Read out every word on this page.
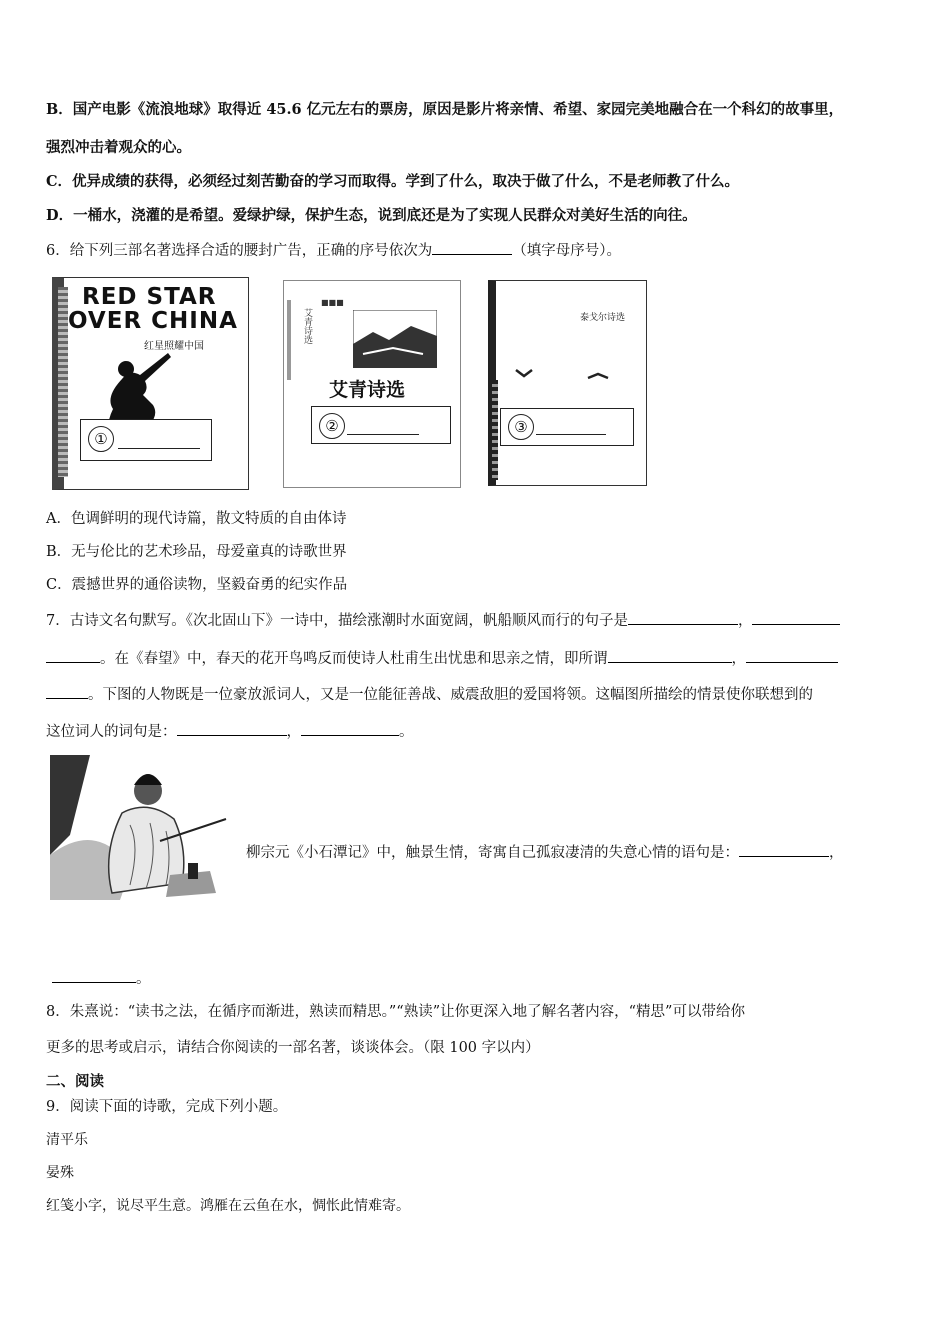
B．国产电影《流浪地球》取得近 45.6 亿元左右的票房，原因是影片将亲情、希望、家园完美地融合在一个科幻的故事里，
强烈冲击着观众的心。
C．优异成绩的获得，必须经过刻苦勤奋的学习而取得。学到了什么，取决于做了什么，不是老师教了什么。
D．一桶水，浇灌的是希望。爱绿护绿，保护生态，说到底还是为了实现人民群众对美好生活的向往。
6．给下列三部名著选择合适的腰封广告，正确的序号依次为	（填字母序号）。
RED STAR
OVER CHINA
红星照耀中国
①
■■■
艾青诗选
艾青诗选
②
泰戈尔诗选
③
A．色调鲜明的现代诗篇，散文特质的自由体诗
B．无与伦比的艺术珍品，母爱童真的诗歌世界
C．震撼世界的通俗读物，坚毅奋勇的纪实作品
7．古诗文名句默写。《次北固山下》一诗中，描绘涨潮时水面宽阔，帆船顺风而行的句子是	，
。在《春望》中，春天的花开鸟鸣反而使诗人杜甫生出忧患和思亲之情，即所谓	，
。下图的人物既是一位豪放派词人，又是一位能征善战、威震敌胆的爱国将领。这幅图所描绘的情景使你联想到的
这位词人的词句是：	，	。
柳宗元《小石潭记》中，触景生情，寄寓自己孤寂凄清的失意心情的语句是：	，
。
8．朱熹说：“读书之法，在循序而渐进，熟读而精思。”“熟读”让你更深入地了解名著内容，“精思”可以带给你
更多的思考或启示，请结合你阅读的一部名著，谈谈体会。（限 100 字以内）
二、阅读
9．阅读下面的诗歌，完成下列小题。
清平乐
晏殊
红笺小字，说尽平生意。鸿雁在云鱼在水，惆怅此情难寄。
